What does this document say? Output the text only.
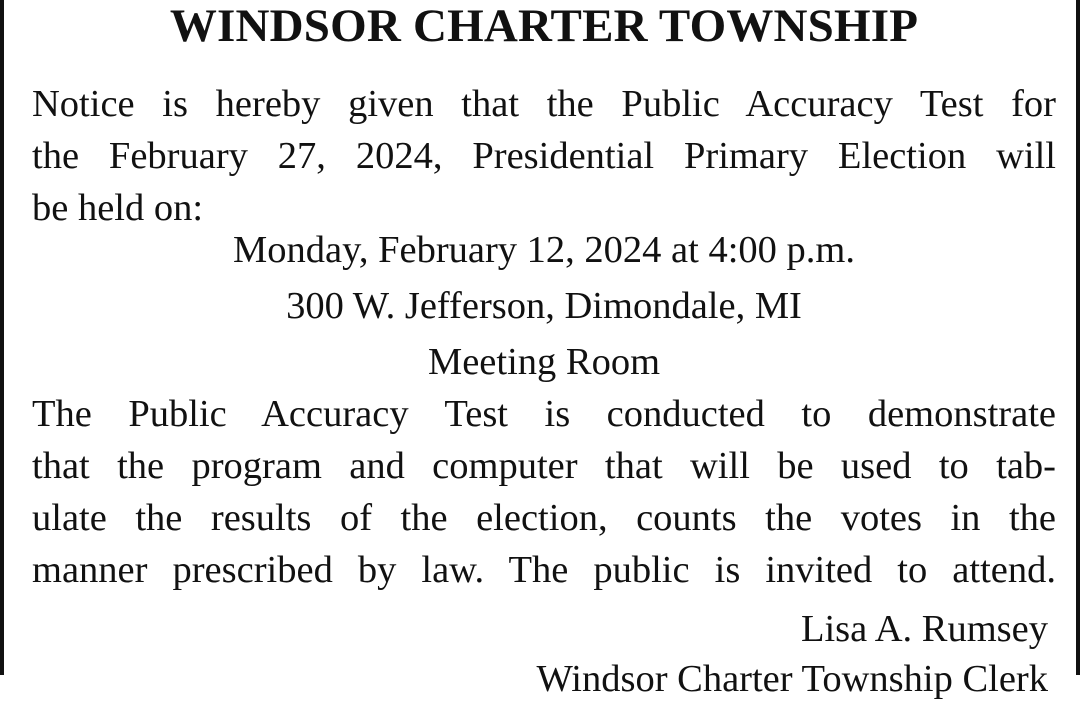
WINDSOR CHARTER TOWNSHIP

Notice is hereby given that the Public Accuracy Test for
the February 27, 2024, Presidential Primary Election will
be held on:

Monday, February 12, 2024 at 4:00 p.m.
300 W. Jefferson, Dimondale, MI
Meeting Room

The Public Accuracy Test is conducted to demonstrate
that the program and computer that will be used to tab-
ulate the results of the election, counts the votes in the
manner prescribed by law. The public is invited to attend.

Lisa A. Rumsey
Windsor Charter Township Clerk
